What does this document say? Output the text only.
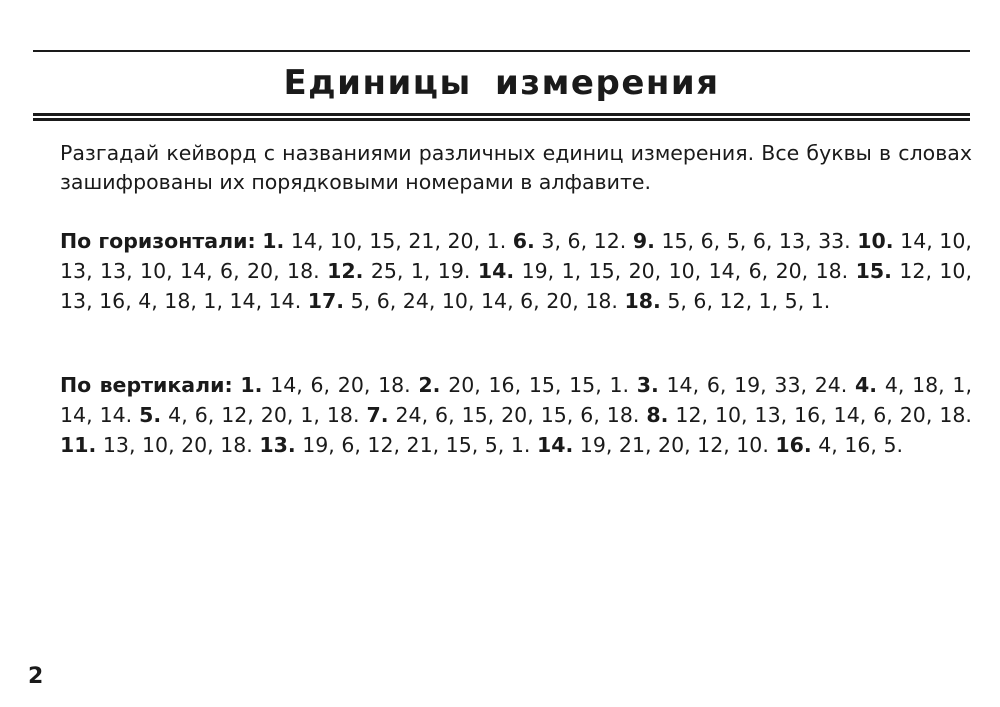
Единицы измерения

Разгадай кейворд с названиями различных единиц измерения. Все буквы в словах зашифрованы их порядковыми номерами в алфавите.

По горизонтали: 1. 14, 10, 15, 21, 20, 1. 6. 3, 6, 12. 9. 15, 6, 5, 6, 13, 33. 10. 14, 10, 13, 13, 10, 14, 6, 20, 18. 12. 25, 1, 19. 14. 19, 1, 15, 20, 10, 14, 6, 20, 18. 15. 12, 10, 13, 16, 4, 18, 1, 14, 14. 17. 5, 6, 24, 10, 14, 6, 20, 18. 18. 5, 6, 12, 1, 5, 1.

По вертикали: 1. 14, 6, 20, 18. 2. 20, 16, 15, 15, 1. 3. 14, 6, 19, 33, 24. 4. 4, 18, 1, 14, 14. 5. 4, 6, 12, 20, 1, 18. 7. 24, 6, 15, 20, 15, 6, 18. 8. 12, 10, 13, 16, 14, 6, 20, 18. 11. 13, 10, 20, 18. 13. 19, 6, 12, 21, 15, 5, 1. 14. 19, 21, 20, 12, 10. 16. 4, 16, 5.

2
